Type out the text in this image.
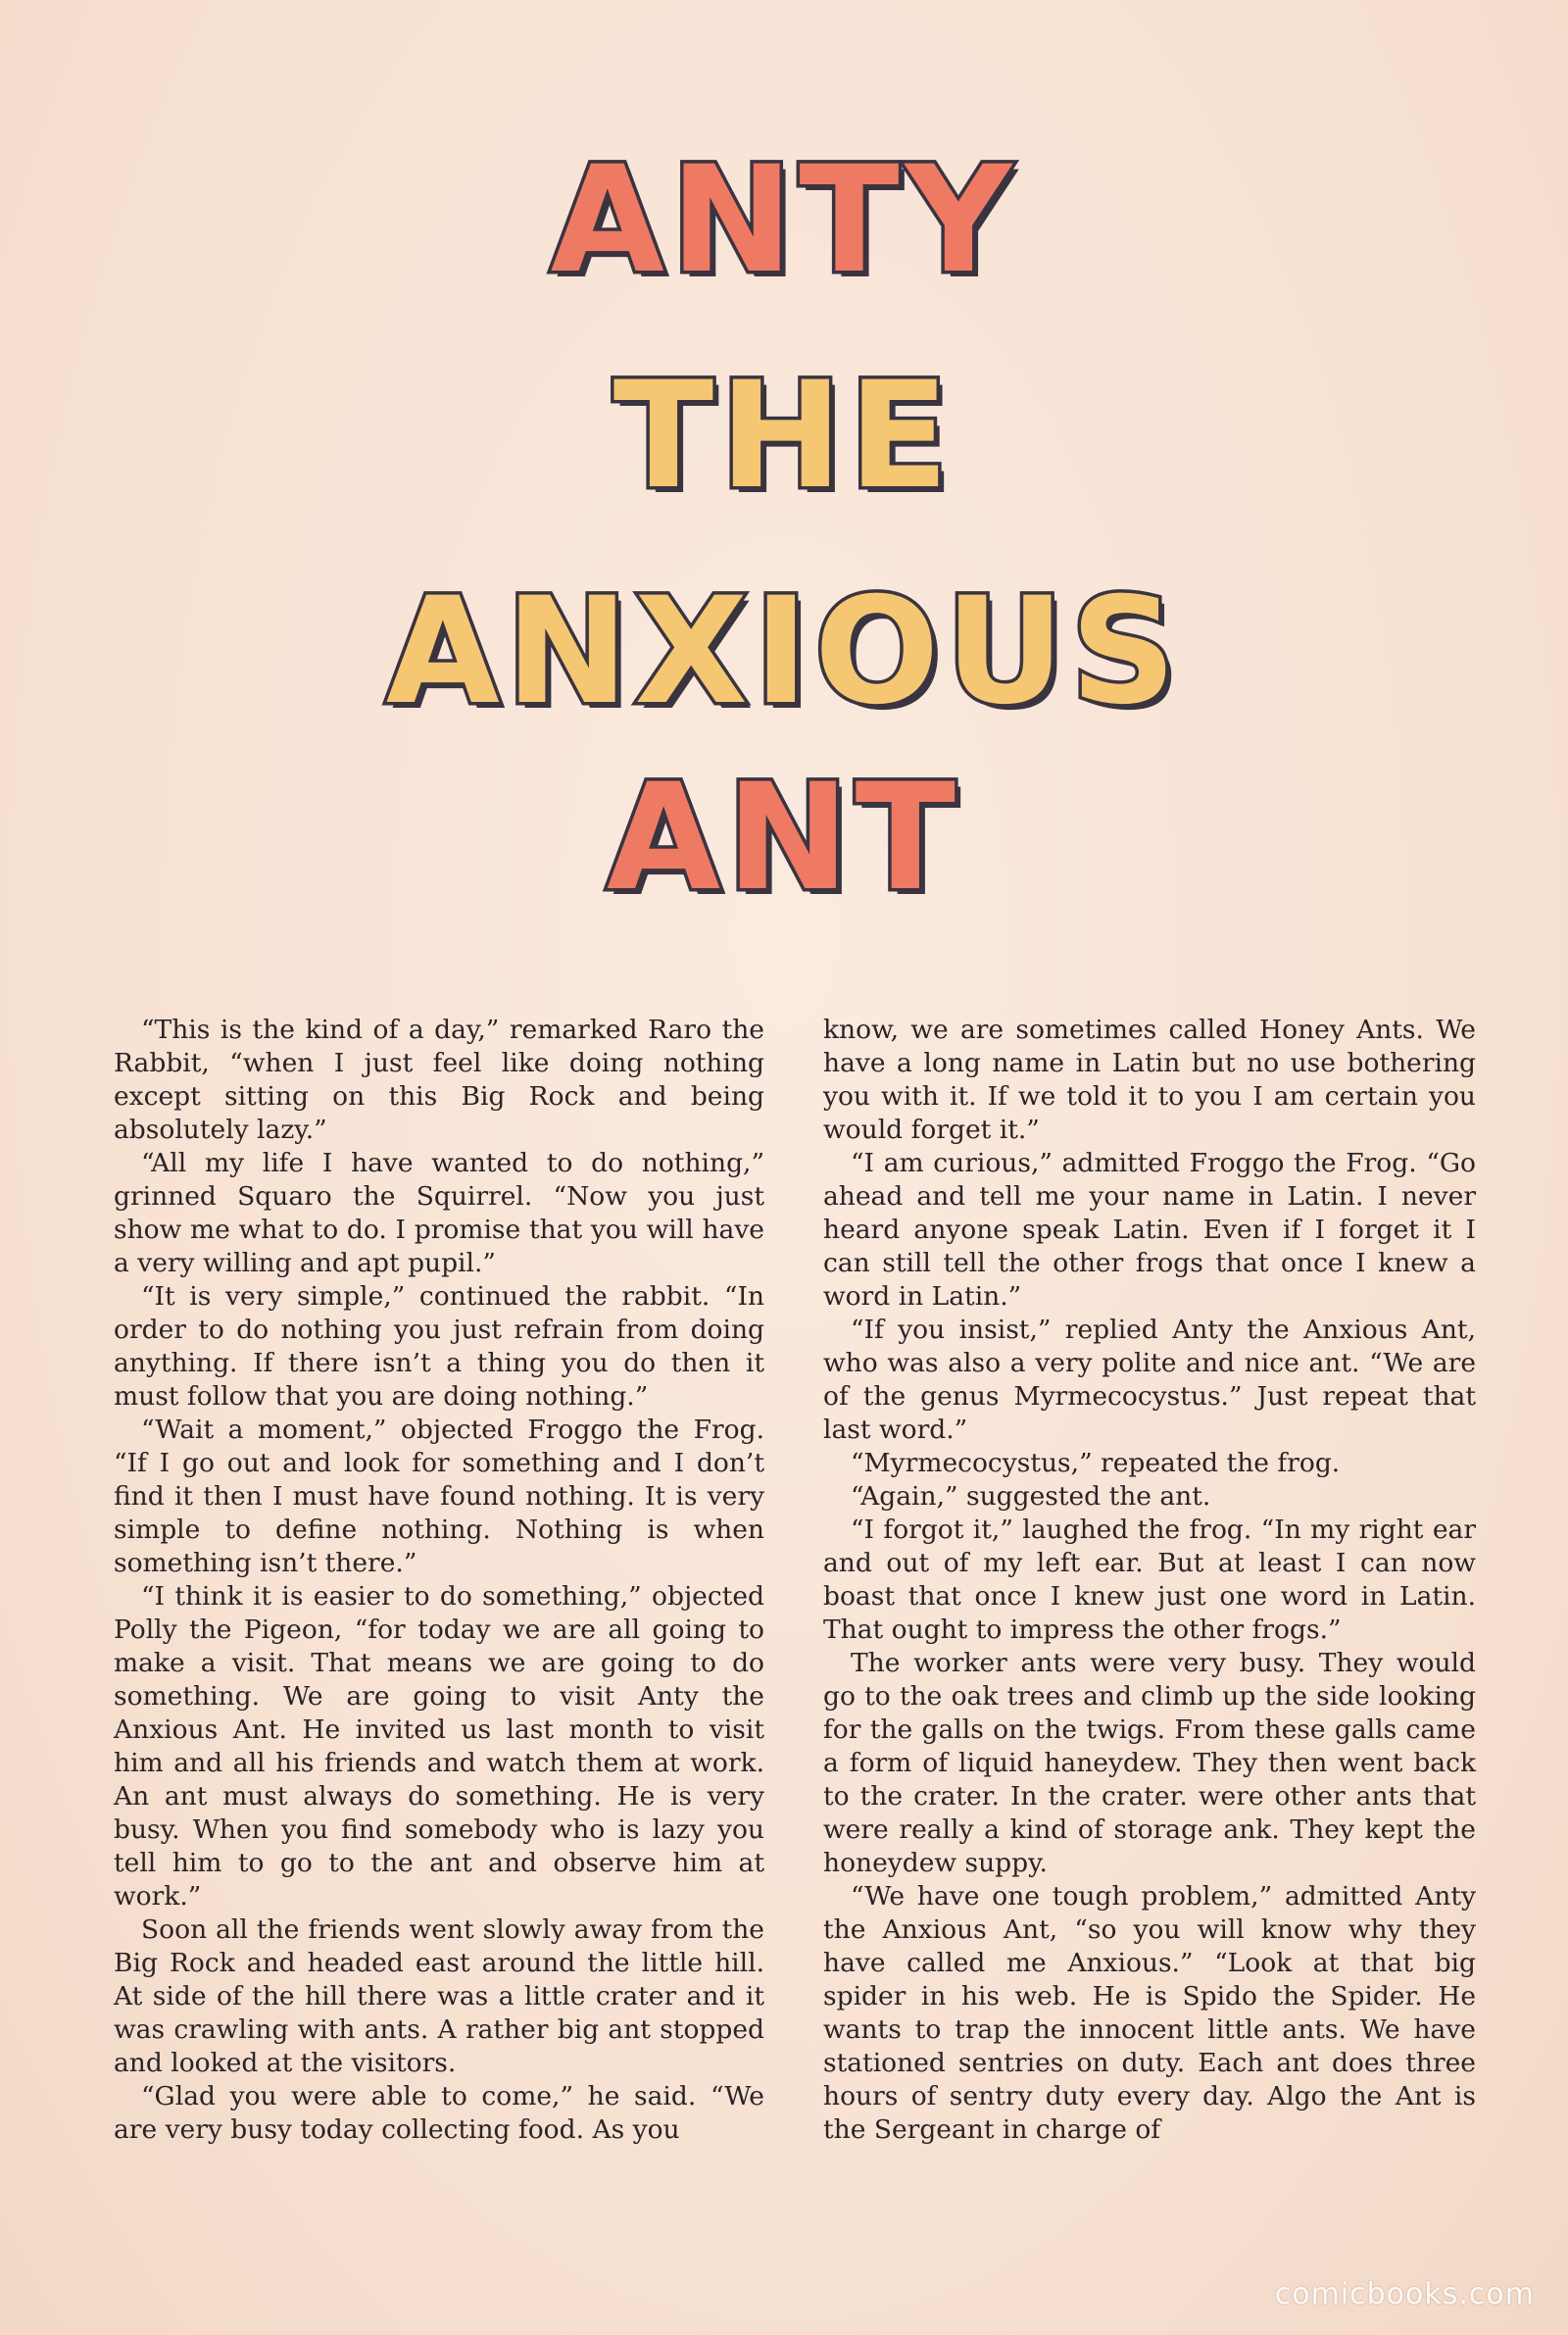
ANTY
THE
ANXIOUS
ANT

“This is the kind of a day,” remarked Raro the Rabbit, “when I just feel like doing nothing except sitting on this Big Rock and being absolutely lazy.”

“All my life I have wanted to do nothing,” grinned Squaro the Squirrel. “Now you just show me what to do. I promise that you will have a very willing and apt pupil.”

“It is very simple,” continued the rabbit. “In order to do nothing you just refrain from doing anything. If there isn’t a thing you do then it must follow that you are doing nothing.”

“Wait a moment,” objected Froggo the Frog. “If I go out and look for something and I don’t find it then I must have found nothing. It is very simple to define nothing. Nothing is when something isn’t there.”

“I think it is easier to do something,” objected Polly the Pigeon, “for today we are all going to make a visit. That means we are going to do something. We are going to visit Anty the Anxious Ant. He invited us last month to visit him and all his friends and watch them at work. An ant must always do something. He is very busy. When you find somebody who is lazy you tell him to go to the ant and observe him at work.”

Soon all the friends went slowly away from the Big Rock and headed east around the little hill. At side of the hill there was a little crater and it was crawling with ants. A rather big ant stopped and looked at the visitors.

“Glad you were able to come,” he said. “We are very busy today collecting food. As you

know, we are sometimes called Honey Ants. We have a long name in Latin but no use bothering you with it. If we told it to you I am certain you would forget it.”

“I am curious,” admitted Froggo the Frog. “Go ahead and tell me your name in Latin. I never heard anyone speak Latin. Even if I forget it I can still tell the other frogs that once I knew a word in Latin.”

“If you insist,” replied Anty the Anxious Ant, who was also a very polite and nice ant. “We are of the genus Myrmecocystus.” Just repeat that last word.”

“Myrmecocystus,” repeated the frog.

“Again,” suggested the ant.

“I forgot it,” laughed the frog. “In my right ear and out of my left ear. But at least I can now boast that once I knew just one word in Latin. That ought to impress the other frogs.”

The worker ants were very busy. They would go to the oak trees and climb up the side looking for the galls on the twigs. From these galls came a form of liquid haneydew. They then went back to the crater. In the crater. were other ants that were really a kind of storage ank. They kept the honeydew suppy.

“We have one tough problem,” admitted Anty the Anxious Ant, “so you will know why they have called me Anxious.” “Look at that big spider in his web. He is Spido the Spider. He wants to trap the innocent little ants. We have stationed sentries on duty. Each ant does three hours of sentry duty every day. Algo the Ant is the Sergeant in charge of

comicbooks.com
